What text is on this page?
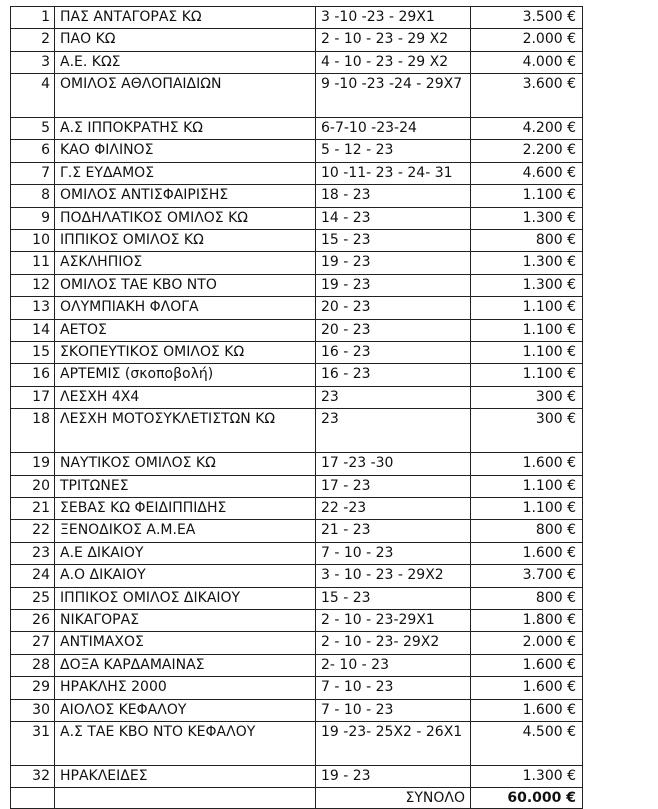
1	ΠΑΣ ΑΝΤΑΓΟΡΑΣ ΚΩ	3 -10 -23 - 29Χ1	3.500 €
2	ΠΑΟ ΚΩ	2 - 10 - 23 - 29 Χ2	2.000 €
3	Α.Ε. ΚΩΣ	4 - 10 - 23 - 29 Χ2	4.000 €
4	ΟΜΙΛΟΣ ΑΘΛΟΠΑΙΔΙΩΝ	9 -10 -23 -24 - 29Χ7	3.600 €
5	Α.Σ ΙΠΠΟΚΡΑΤΗΣ ΚΩ	6-7-10 -23-24	4.200 €
6	ΚΑΟ ΦΙΛΙΝΟΣ	5 - 12 - 23	2.200 €
7	Γ.Σ ΕΥΔΑΜΟΣ	10 -11- 23 - 24- 31	4.600 €
8	ΟΜΙΛΟΣ ΑΝΤΙΣΦΑΙΡΙΣΗΣ	18 - 23	1.100 €
9	ΠΟΔΗΛΑΤΙΚΟΣ ΟΜΙΛΟΣ ΚΩ	14 - 23	1.300 €
10	ΙΠΠΙΚΟΣ ΟΜΙΛΟΣ ΚΩ	15 - 23	800 €
11	ΑΣΚΛΗΠΙΟΣ	19 - 23	1.300 €
12	ΟΜΙΛΟΣ ΤΑΕ ΚΒΟ ΝΤΟ	19 - 23	1.300 €
13	ΟΛΥΜΠΙΑΚΗ ΦΛΟΓΑ	20 - 23	1.100 €
14	ΑΕΤΟΣ	20 - 23	1.100 €
15	ΣΚΟΠΕΥΤΙΚΟΣ ΟΜΙΛΟΣ ΚΩ	16 - 23	1.100 €
16	ΑΡΤΕΜΙΣ (σκοποβολή)	16 - 23	1.100 €
17	ΛΕΣΧΗ 4Χ4	23	300 €
18	ΛΕΣΧΗ ΜΟΤΟΣΥΚΛΕΤΙΣΤΩΝ ΚΩ	23	300 €
19	ΝΑΥΤΙΚΟΣ ΟΜΙΛΟΣ ΚΩ	17 -23 -30	1.600 €
20	ΤΡΙΤΩΝΕΣ	17 - 23	1.100 €
21	ΣΕΒΑΣ ΚΩ ΦΕΙΔΙΠΠΙΔΗΣ	22 -23	1.100 €
22	ΞΕΝΟΔΙΚΟΣ Α.Μ.ΕΑ	21 - 23	800 €
23	Α.Ε ΔΙΚΑΙΟΥ	7 - 10 - 23	1.600 €
24	Α.Ο ΔΙΚΑΙΟΥ	3 - 10 - 23 - 29Χ2	3.700 €
25	ΙΠΠΙΚΟΣ ΟΜΙΛΟΣ ΔΙΚΑΙΟΥ	15 - 23	800 €
26	ΝΙΚΑΓΟΡΑΣ	2 - 10 - 23-29Χ1	1.800 €
27	ΑΝΤΙΜΑΧΟΣ	2 - 10 - 23- 29Χ2	2.000 €
28	ΔΟΞΑ ΚΑΡΔΑΜΑΙΝΑΣ	2- 10 - 23	1.600 €
29	ΗΡΑΚΛΗΣ 2000	7 - 10 - 23	1.600 €
30	ΑΙΟΛΟΣ ΚΕΦΑΛΟΥ	7 - 10 - 23	1.600 €
31	Α.Σ ΤΑΕ ΚΒΟ ΝΤΟ ΚΕΦΑΛΟΥ	19 -23- 25Χ2 - 26Χ1	4.500 €
32	ΗΡΑΚΛΕΙΔΕΣ	19 - 23	1.300 €
		ΣΥΝΟΛΟ	60.000 €
